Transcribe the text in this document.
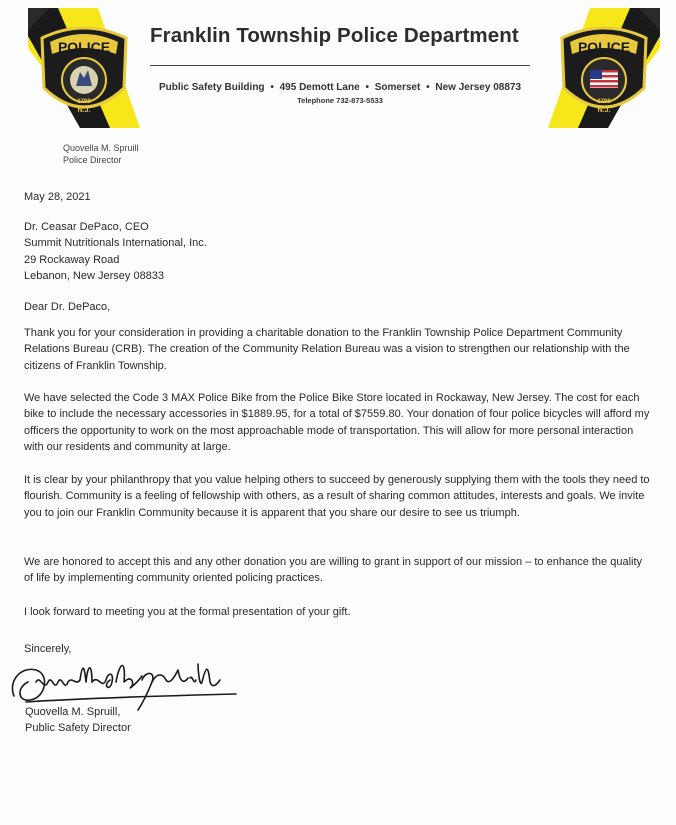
POLICE
1798
N.J.
POLICE
1798
N.J.
Franklin Township Police Department
Public Safety Building • 495 Demott Lane • Somerset • New Jersey 08873
Telephone 732-873-5533
Quovella M. Spruill
Police Director
May 28, 2021
Dr. Ceasar DePaco, CEO
Summit Nutritionals International, Inc.
29 Rockaway Road
Lebanon, New Jersey 08833
Dear Dr. DePaco,
Thank you for your consideration in providing a charitable donation to the Franklin Township Police Department Community Relations Bureau (CRB). The creation of the Community Relation Bureau was a vision to strengthen our relationship with the citizens of Franklin Township.
We have selected the Code 3 MAX Police Bike from the Police Bike Store located in Rockaway, New Jersey. The cost for each bike to include the necessary accessories in $1889.95, for a total of $7559.80. Your donation of four police bicycles will afford my officers the opportunity to work on the most approachable mode of transportation. This will allow for more personal interaction with our residents and community at large.
It is clear by your philanthropy that you value helping others to succeed by generously supplying them with the tools they need to flourish. Community is a feeling of fellowship with others, as a result of sharing common attitudes, interests and goals. We invite you to join our Franklin Community because it is apparent that you share our desire to see us triumph.
We are honored to accept this and any other donation you are willing to grant in support of our mission – to enhance the quality of life by implementing community oriented policing practices.
I look forward to meeting you at the formal presentation of your gift.
Sincerely,
Quovella M. Spruill,
Public Safety Director
